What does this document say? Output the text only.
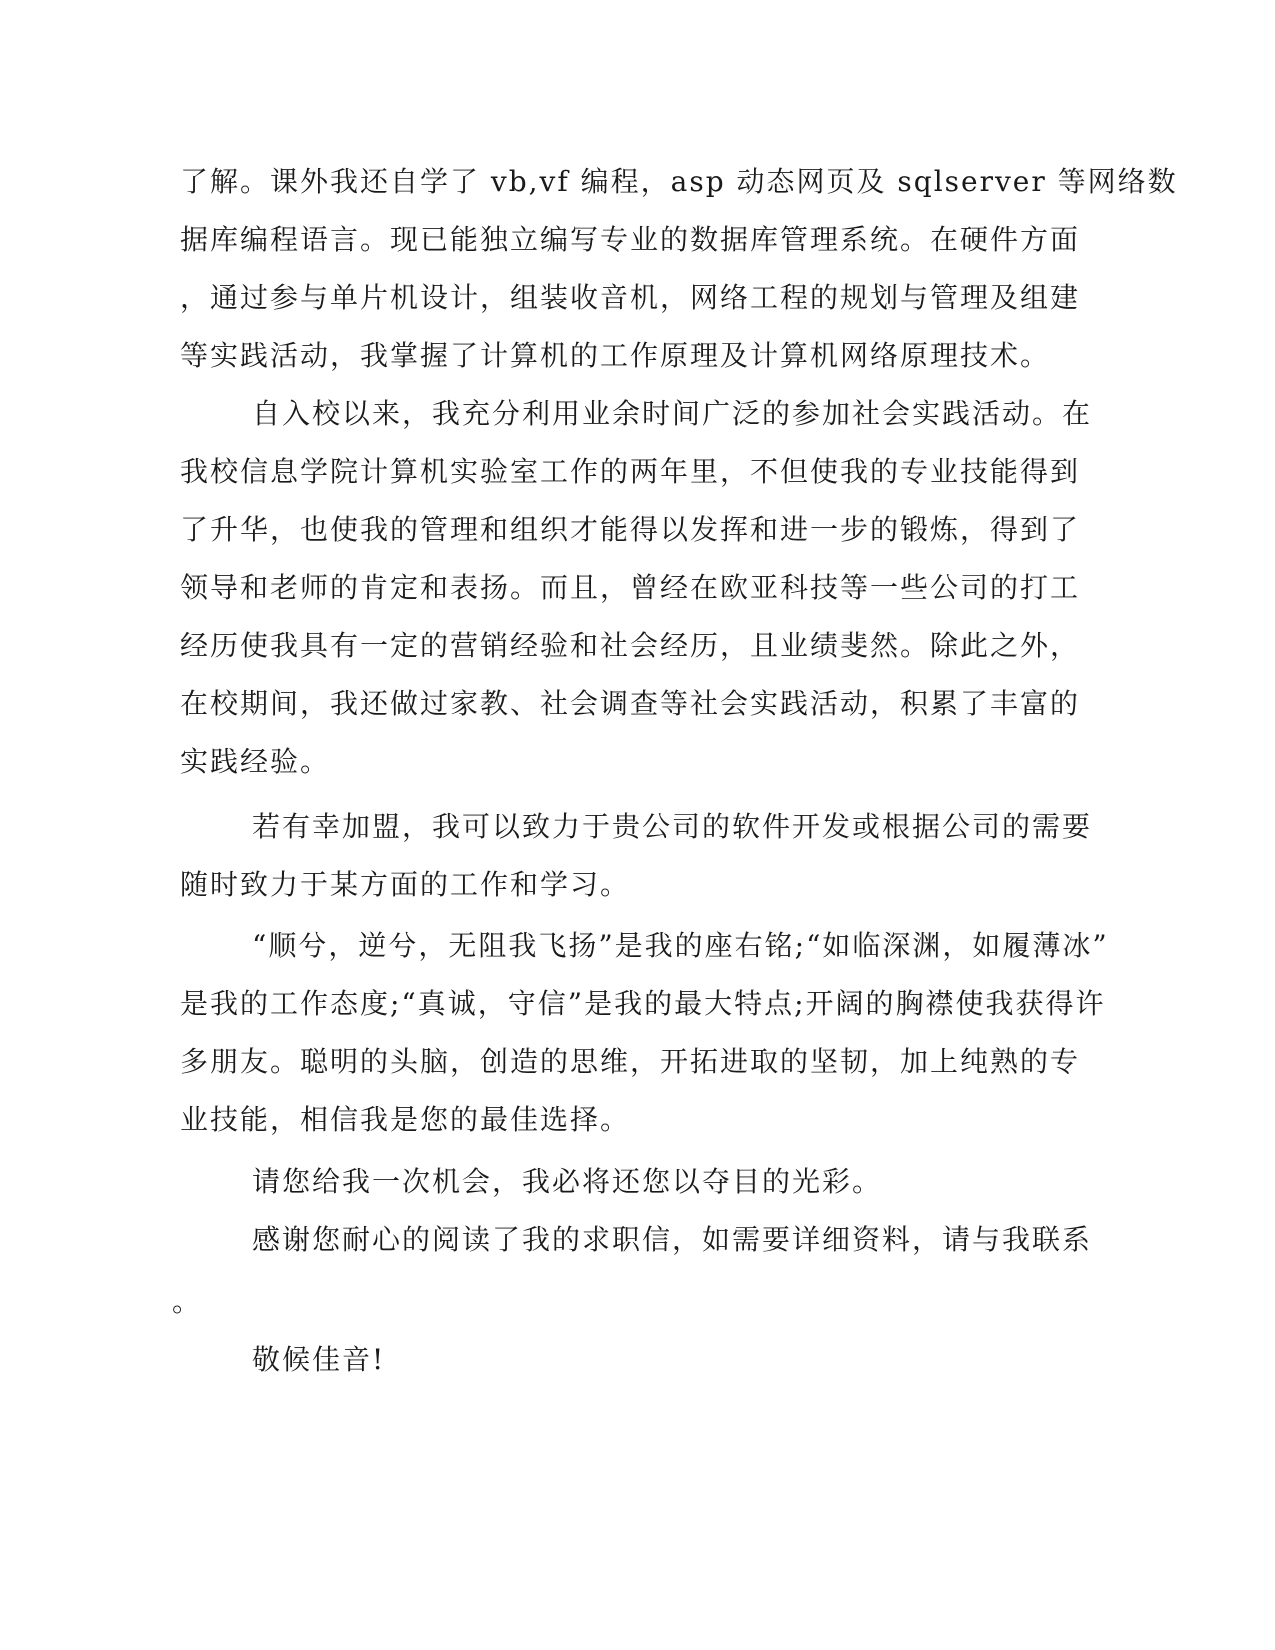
了解。课外我还自学了 vb,vf 编程，asp 动态网页及 sqlserver 等网络数
据库编程语言。现已能独立编写专业的数据库管理系统。在硬件方面
，通过参与单片机设计，组装收音机，网络工程的规划与管理及组建
等实践活动，我掌握了计算机的工作原理及计算机网络原理技术。
自入校以来，我充分利用业余时间广泛的参加社会实践活动。在
我校信息学院计算机实验室工作的两年里，不但使我的专业技能得到
了升华，也使我的管理和组织才能得以发挥和进一步的锻炼，得到了
领导和老师的肯定和表扬。而且，曾经在欧亚科技等一些公司的打工
经历使我具有一定的营销经验和社会经历，且业绩斐然。除此之外，
在校期间，我还做过家教、社会调查等社会实践活动，积累了丰富的
实践经验。
若有幸加盟，我可以致力于贵公司的软件开发或根据公司的需要
随时致力于某方面的工作和学习。
“顺兮，逆兮，无阻我飞扬”是我的座右铭;“如临深渊，如履薄冰”
是我的工作态度;“真诚，守信”是我的最大特点;开阔的胸襟使我获得许
多朋友。聪明的头脑，创造的思维，开拓进取的坚韧，加上纯熟的专
业技能，相信我是您的最佳选择。
请您给我一次机会，我必将还您以夺目的光彩。
感谢您耐心的阅读了我的求职信，如需要详细资料，请与我联系
。
敬候佳音!
